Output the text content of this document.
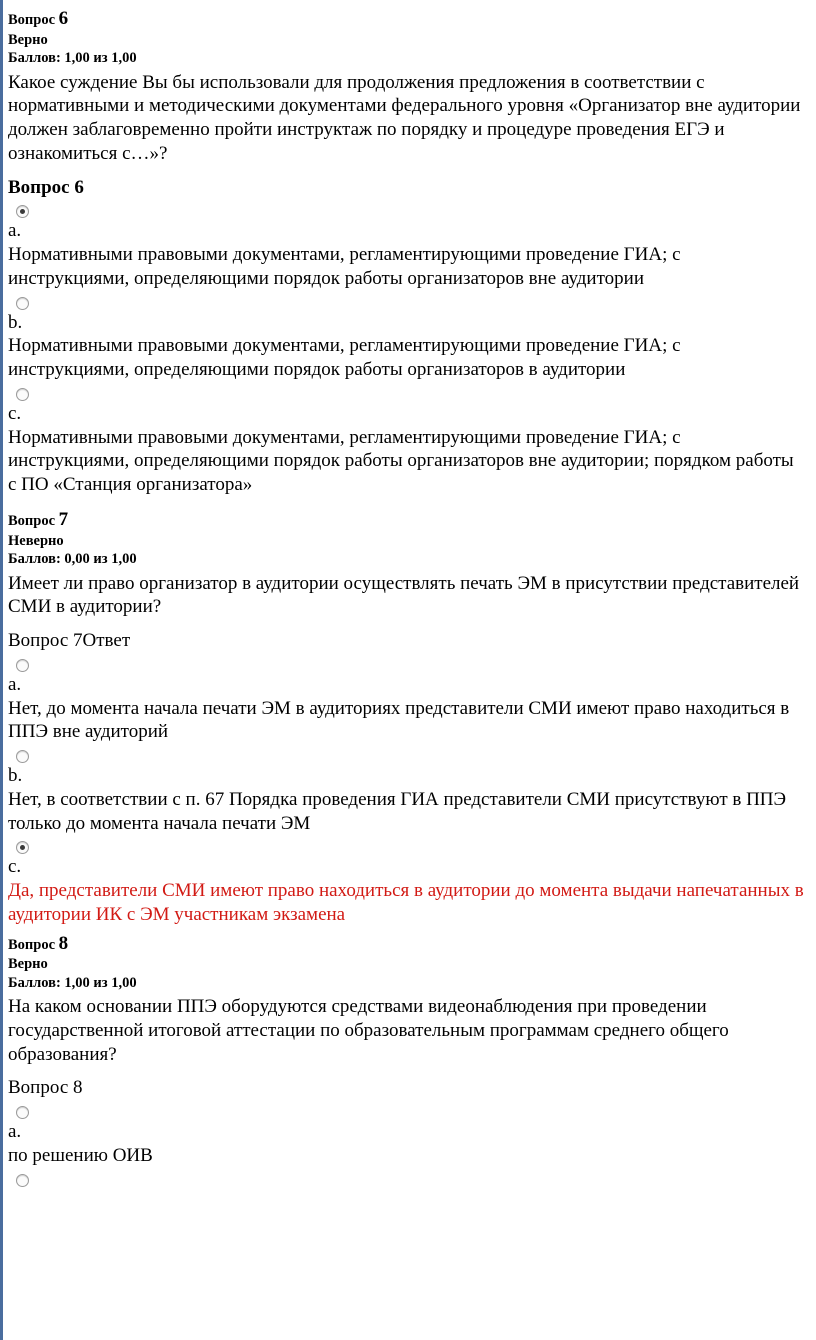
Вопрос 6
Верно
Баллов: 1,00 из 1,00
Какое суждение Вы бы использовали для продолжения предложения в соответствии с нормативными и методическими документами федерального уровня «Организатор вне аудитории должен заблаговременно пройти инструктаж по порядку и процедуре проведения ЕГЭ и ознакомиться с…»?
Вопрос 6
a.
Нормативными правовыми документами, регламентирующими проведение ГИА; с инструкциями, определяющими порядок работы организаторов вне аудитории
b.
Нормативными правовыми документами, регламентирующими проведение ГИА; с инструкциями, определяющими порядок работы организаторов в аудитории
c.
Нормативными правовыми документами, регламентирующими проведение ГИА; с инструкциями, определяющими порядок работы организаторов вне аудитории; порядком работы с ПО «Станция организатора»
Вопрос 7
Неверно
Баллов: 0,00 из 1,00
Имеет ли право организатор в аудитории осуществлять печать ЭМ в присутствии представителей СМИ в аудитории?
Вопрос 7Ответ
a.
Нет, до момента начала печати ЭМ в аудиториях представители СМИ имеют право находиться в ППЭ вне аудиторий
b.
Нет, в соответствии с п. 67 Порядка проведения ГИА представители СМИ присутствуют в ППЭ только до момента начала печати ЭМ
c.
Да, представители СМИ имеют право находиться в аудитории до момента выдачи напечатанных в аудитории ИК с ЭМ участникам экзамена
Вопрос 8
Верно
Баллов: 1,00 из 1,00
На каком основании ППЭ оборудуются средствами видеонаблюдения при проведении государственной итоговой аттестации по образовательным программам среднего общего образования?
Вопрос 8
a.
по решению ОИВ
